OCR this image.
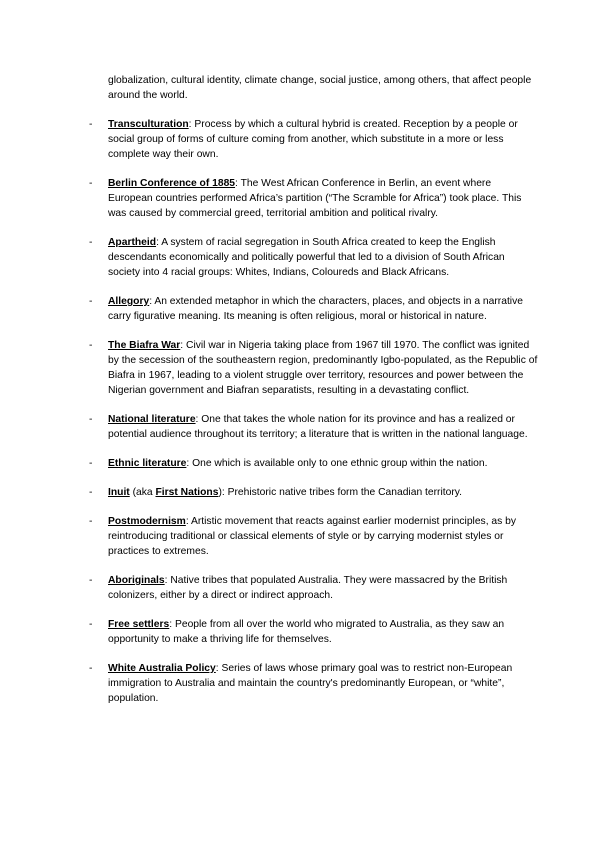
globalization, cultural identity, climate change, social justice, among others, that affect people around the world.

- Transculturation: Process by which a cultural hybrid is created. Reception by a people or social group of forms of culture coming from another, which substitute in a more or less complete way their own.

- Berlin Conference of 1885: The West African Conference in Berlin, an event where European countries performed Africa’s partition (“The Scramble for Africa”) took place. This was caused by commercial greed, territorial ambition and political rivalry.

- Apartheid: A system of racial segregation in South Africa created to keep the English descendants economically and politically powerful that led to a division of South African society into 4 racial groups: Whites, Indians, Coloureds and Black Africans.

- Allegory: An extended metaphor in which the characters, places, and objects in a narrative carry figurative meaning. Its meaning is often religious, moral or historical in nature.

- The Biafra War: Civil war in Nigeria taking place from 1967 till 1970. The conflict was ignited by the secession of the southeastern region, predominantly Igbo-populated, as the Republic of Biafra in 1967, leading to a violent struggle over territory, resources and power between the Nigerian government and Biafran separatists, resulting in a devastating conflict.

- National literature: One that takes the whole nation for its province and has a realized or potential audience throughout its territory; a literature that is written in the national language.

- Ethnic literature: One which is available only to one ethnic group within the nation.

- Inuit (aka First Nations): Prehistoric native tribes form the Canadian territory.

- Postmodernism: Artistic movement that reacts against earlier modernist principles, as by reintroducing traditional or classical elements of style or by carrying modernist styles or practices to extremes.

- Aboriginals: Native tribes that populated Australia. They were massacred by the British colonizers, either by a direct or indirect approach.

- Free settlers: People from all over the world who migrated to Australia, as they saw an opportunity to make a thriving life for themselves.

- White Australia Policy: Series of laws whose primary goal was to restrict non-European immigration to Australia and maintain the country's predominantly European, or “white”, population.
